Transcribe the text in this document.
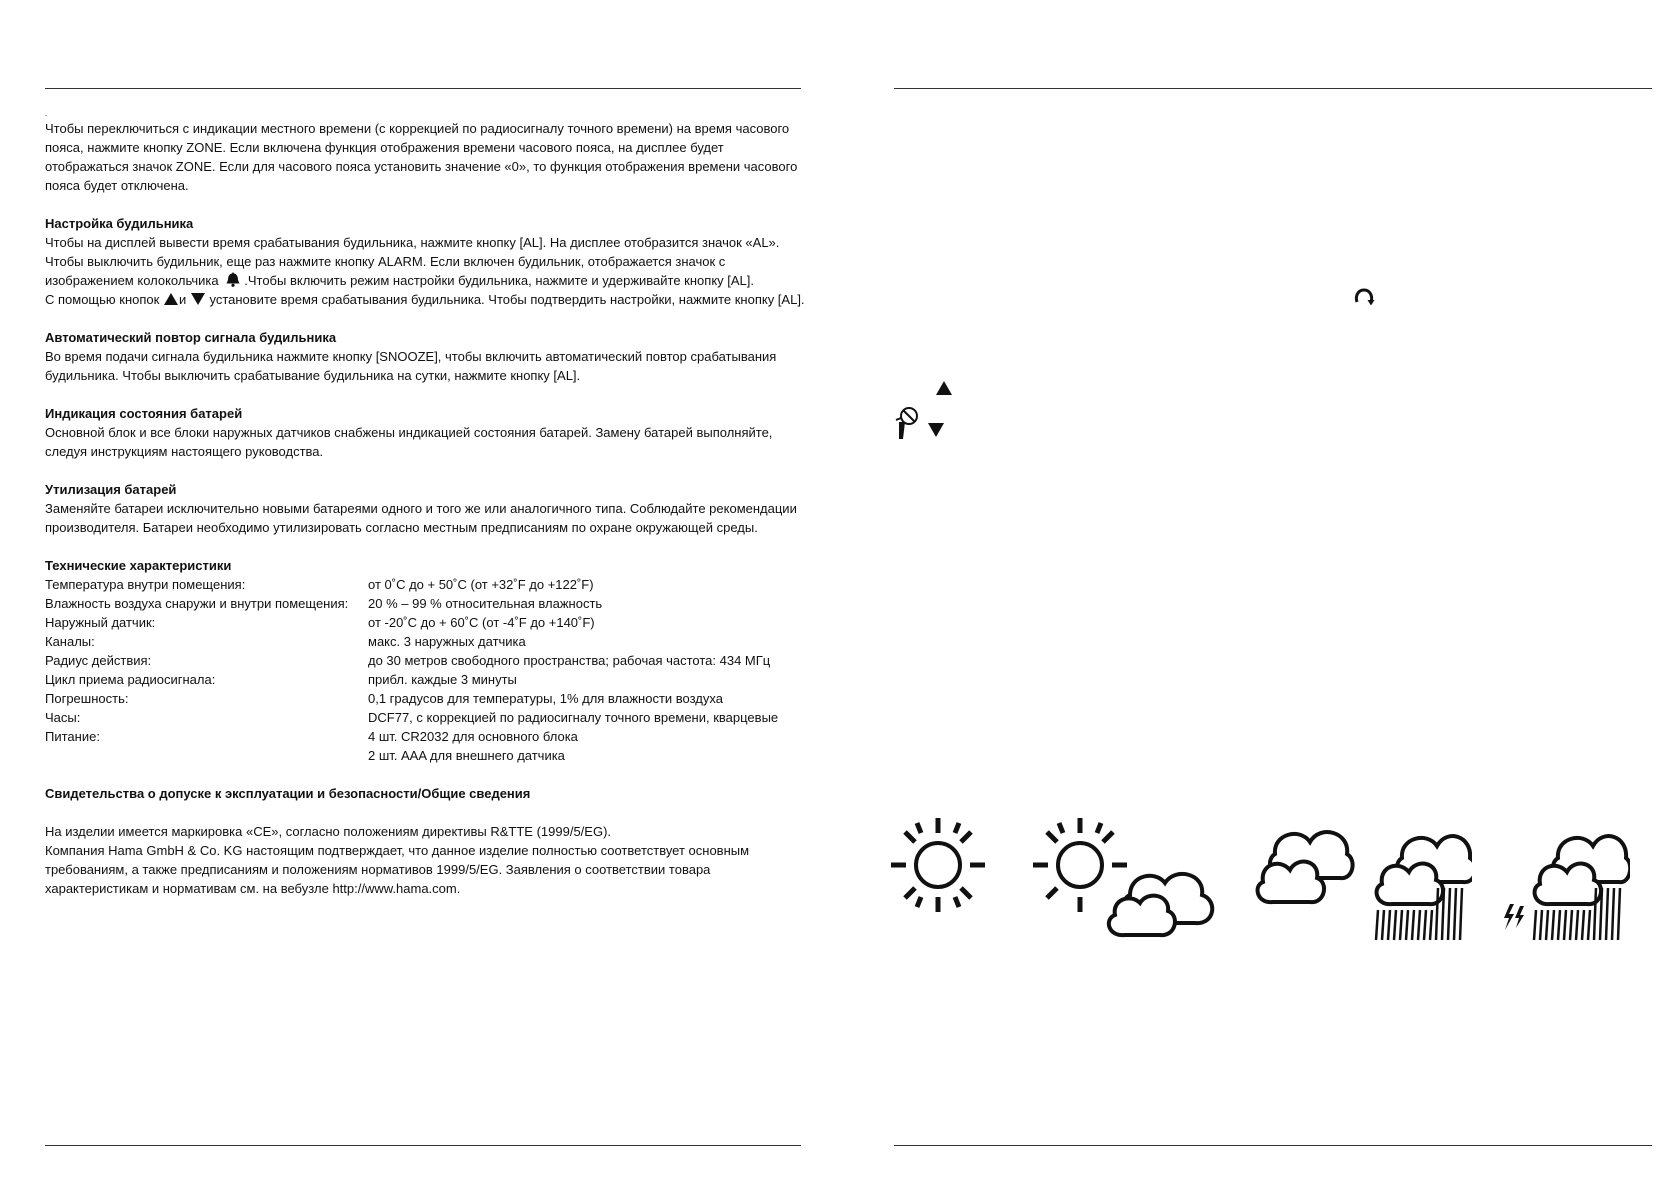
.

Чтобы переключиться с индикации местного времени (с коррекцией по радиосигналу точного времени) на время часового пояса, нажмите кнопку ZONE. Если включена функция отображения времени часового пояса, на дисплее будет отображаться значок ZONE. Если для часового пояса установить значение «0», то функция отображения времени часового пояса будет отключена.

Настройка будильника

Чтобы на дисплей вывести время срабатывания будильника, нажмите кнопку [AL]. На дисплее отобразится значок «AL». Чтобы выключить будильник, еще раз нажмите кнопку ALARM. Если включен будильник, отображается значок с изображением колокольчика .Чтобы включить режим настройки будильника, нажмите и удерживайте кнопку [AL].
С помощью кнопок и установите время срабатывания будильника. Чтобы подтвердить настройки, нажмите кнопку [AL].

Автоматический повтор сигнала будильника

Во время подачи сигнала будильника нажмите кнопку [SNOOZE], чтобы включить автоматический повтор срабатывания будильника. Чтобы выключить срабатывание будильника на сутки, нажмите кнопку [AL].

Индикация состояния батарей

Основной блок и все блоки наружных датчиков снабжены индикацией состояния батарей. Замену батарей выполняйте, следуя инструкциям настоящего руководства.

Утилизация батарей

Заменяйте батареи исключительно новыми батареями одного и того же или аналогичного типа. Соблюдайте рекомендации производителя. Батареи необходимо утилизировать согласно местным предписаниям по охране окружающей среды.

Технические характеристики

Температура внутри помещения:	от 0˚C до + 50˚C (от +32˚F до +122˚F)
Влажность воздуха снаружи и внутри помещения:	20 % – 99 % относительная влажность
Наружный датчик:	от -20˚C до + 60˚C (от -4˚F до +140˚F)
Каналы:	макс. 3 наружных датчика
Радиус действия:	до 30 метров свободного пространства; рабочая частота: 434 МГц
Цикл приема радиосигнала:	прибл. каждые 3 минуты
Погрешность:	0,1 градусов для температуры, 1% для влажности воздуха
Часы:	DCF77, с коррекцией по радиосигналу точного времени, кварцевые
Питание:	4 шт. CR2032 для основного блока
2 шт. AAA для внешнего датчика

Свидетельства о допуске к эксплуатации и безопасности/Общие сведения

На изделии имеется маркировка «CE», согласно положениям директивы R&TTE (1999/5/EG).

Компания Hama GmbH & Co. KG настоящим подтверждает, что данное изделие полностью соответствует основным требованиям, а также предписаниям и положениям нормативов 1999/5/EG. Заявления о соответствии товара характеристикам и нормативам см. на вебузле http://www.hama.com.
